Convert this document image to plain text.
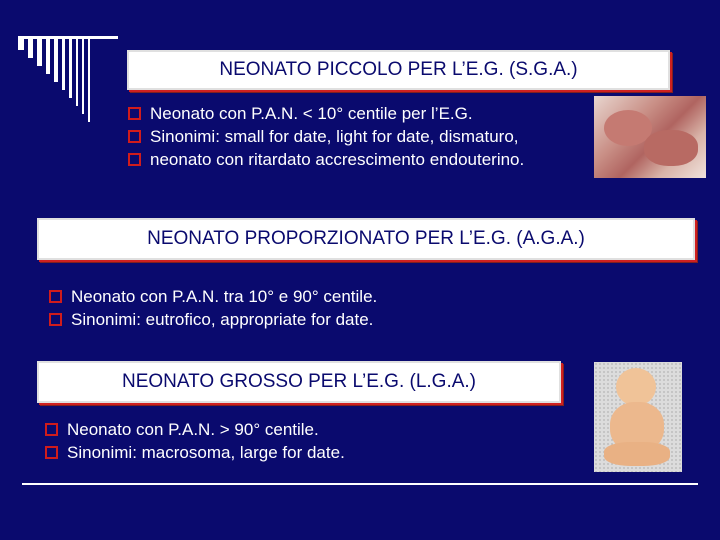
NEONATO PICCOLO PER L’E.G. (S.G.A.)
Neonato con P.A.N. < 10° centile per l’E.G.
Sinonimi: small for date, light for date, dismaturo,
neonato con ritardato accrescimento endouterino.
NEONATO PROPORZIONATO PER L’E.G. (A.G.A.)
Neonato con P.A.N. tra 10° e 90° centile.
Sinonimi: eutrofico, appropriate for date.
NEONATO GROSSO PER L’E.G. (L.G.A.)
Neonato con P.A.N. > 90° centile.
Sinonimi: macrosoma, large for date.
